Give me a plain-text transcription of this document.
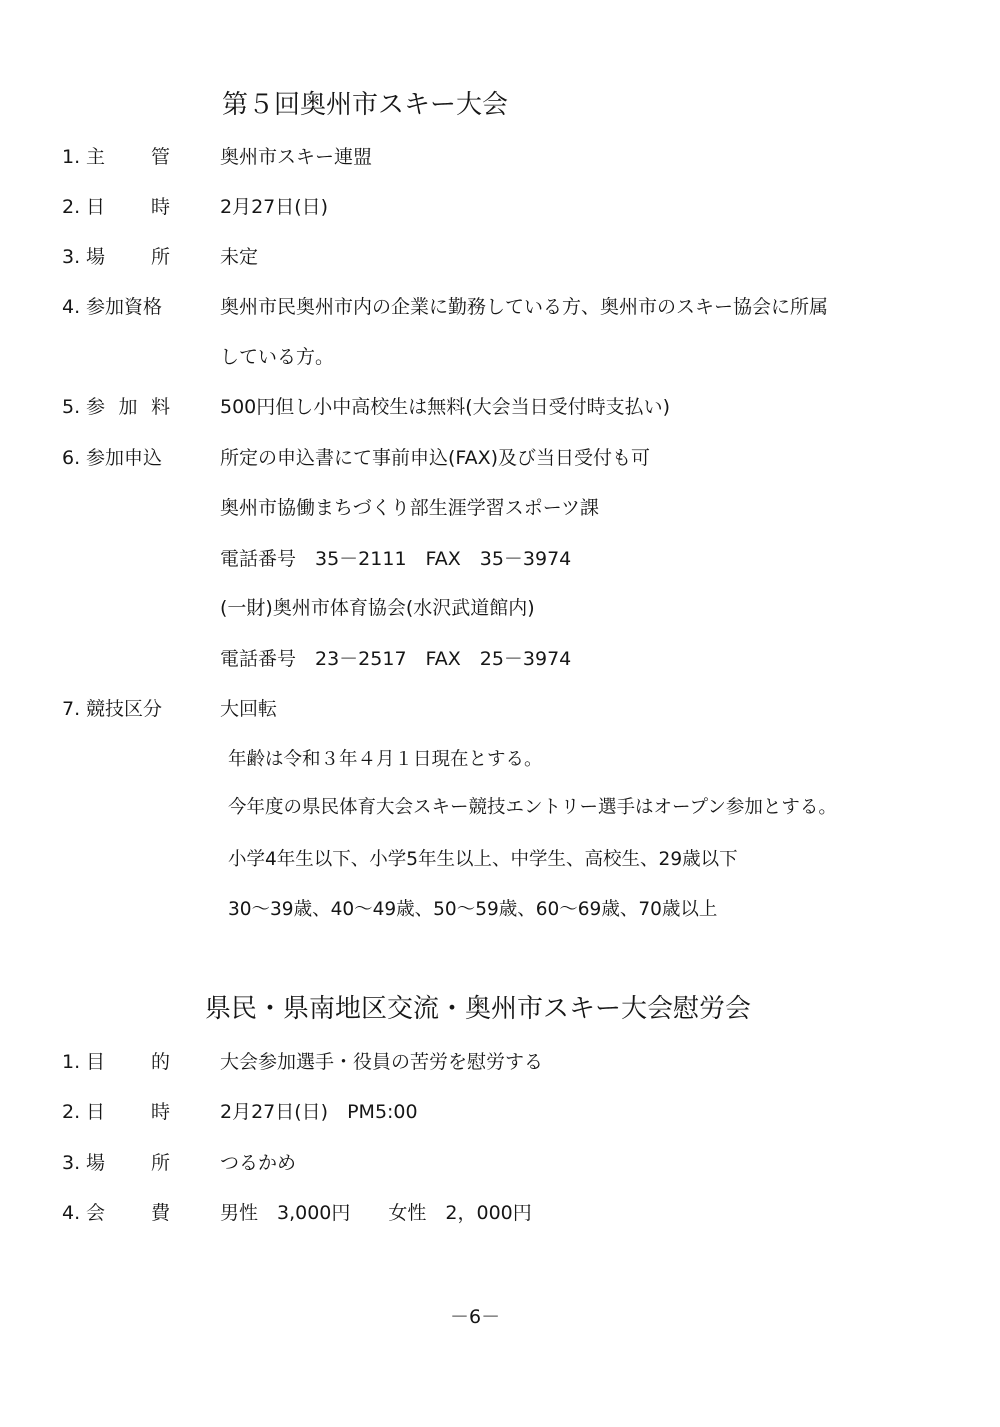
第５回奥州市スキー大会
1. 主 管	奥州市スキー連盟
2. 日 時	2月27日(日)
3. 場 所	未定
4. 参加資格	奥州市民奥州市内の企業に勤務している方、奥州市のスキー協会に所属
している方。
5. 参 加 料	500円但し小中高校生は無料(大会当日受付時支払い)
6. 参加申込	所定の申込書にて事前申込(FAX)及び当日受付も可
奥州市協働まちづくり部生涯学習スポーツ課
電話番号　35－2111　FAX　35－3974
(一財)奥州市体育協会(水沢武道館内)
電話番号　23－2517　FAX　25－3974
7. 競技区分	大回転
年齢は令和３年４月１日現在とする。
今年度の県民体育大会スキー競技エントリー選手はオープン参加とする。
小学4年生以下、小学5年生以上、中学生、高校生、29歳以下
30～39歳、40～49歳、50～59歳、60～69歳、70歳以上
県民・県南地区交流・奥州市スキー大会慰労会
1. 目 的	大会参加選手・役員の苦労を慰労する
2. 日 時	2月27日(日)　PM5:00
3. 場 所	つるかめ
4. 会 費	男性　3,000円　　女性　2，000円
－6－
